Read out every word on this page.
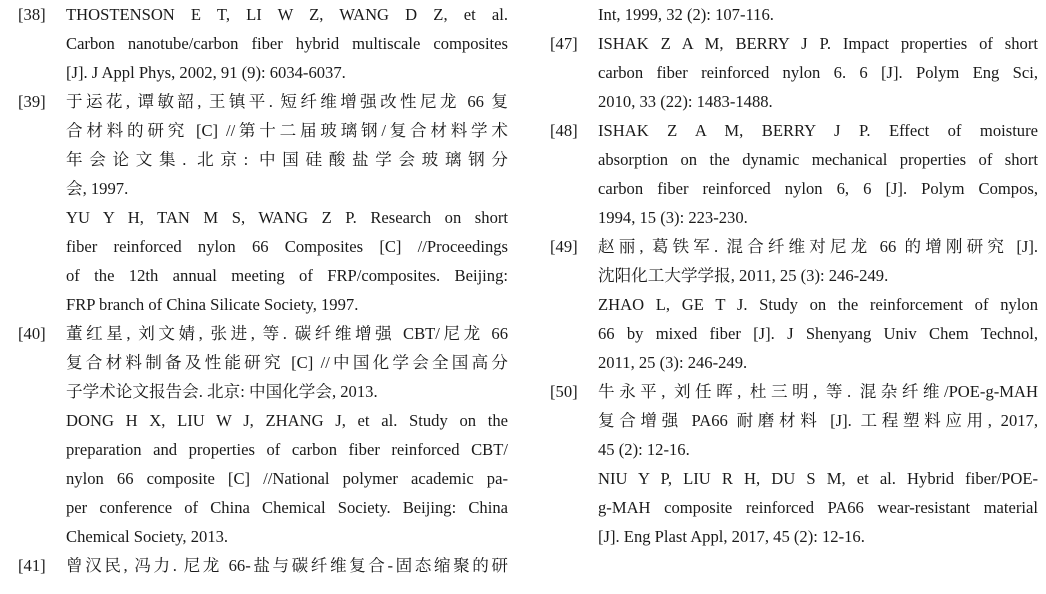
[38]	THOSTENSON E T, LI W Z, WANG D Z, et al.
Carbon nanotube/carbon fiber hybrid multiscale composites
[J]. J Appl Phys, 2002, 91 (9): 6034-6037.
[39]	于运花, 谭敏韶, 王镇平. 短纤维增强改性尼龙 66 复
合材料的研究 [C] //第十二届玻璃钢/复合材料学术
年会论文集. 北京: 中国硅酸盐学会玻璃钢分
会, 1997.
YU Y H, TAN M S, WANG Z P. Research on short
fiber reinforced nylon 66 Composites [C] //Proceedings
of the 12th annual meeting of FRP/composites. Beijing:
FRP branch of China Silicate Society, 1997.
[40]	董红星, 刘文婧, 张进, 等. 碳纤维增强 CBT/尼龙 66
复合材料制备及性能研究 [C] //中国化学会全国高分
子学术论文报告会. 北京: 中国化学会, 2013.
DONG H X, LIU W J, ZHANG J, et al. Study on the
preparation and properties of carbon fiber reinforced CBT/
nylon 66 composite [C] //National polymer academic pa-
per conference of China Chemical Society. Beijing: China
Chemical Society, 2013.
[41]	曾汉民, 冯力. 尼龙 66-盐与碳纤维复合-固态缩聚的研
Int, 1999, 32 (2): 107-116.
[47]	ISHAK Z A M, BERRY J P. Impact properties of short
carbon fiber reinforced nylon 6. 6 [J]. Polym Eng Sci,
2010, 33 (22): 1483-1488.
[48]	ISHAK Z A M, BERRY J P. Effect of moisture
absorption on the dynamic mechanical properties of short
carbon fiber reinforced nylon 6, 6 [J]. Polym Compos,
1994, 15 (3): 223-230.
[49]	赵丽, 葛铁军. 混合纤维对尼龙 66 的增刚研究 [J].
沈阳化工大学学报, 2011, 25 (3): 246-249.
ZHAO L, GE T J. Study on the reinforcement of nylon
66 by mixed fiber [J]. J Shenyang Univ Chem Technol,
2011, 25 (3): 246-249.
[50]	牛永平, 刘任晖, 杜三明, 等. 混杂纤维/POE-g-MAH
复合增强 PA66 耐磨材料 [J]. 工程塑料应用, 2017,
45 (2): 12-16.
NIU Y P, LIU R H, DU S M, et al. Hybrid fiber/POE-
g-MAH composite reinforced PA66 wear-resistant material
[J]. Eng Plast Appl, 2017, 45 (2): 12-16.
